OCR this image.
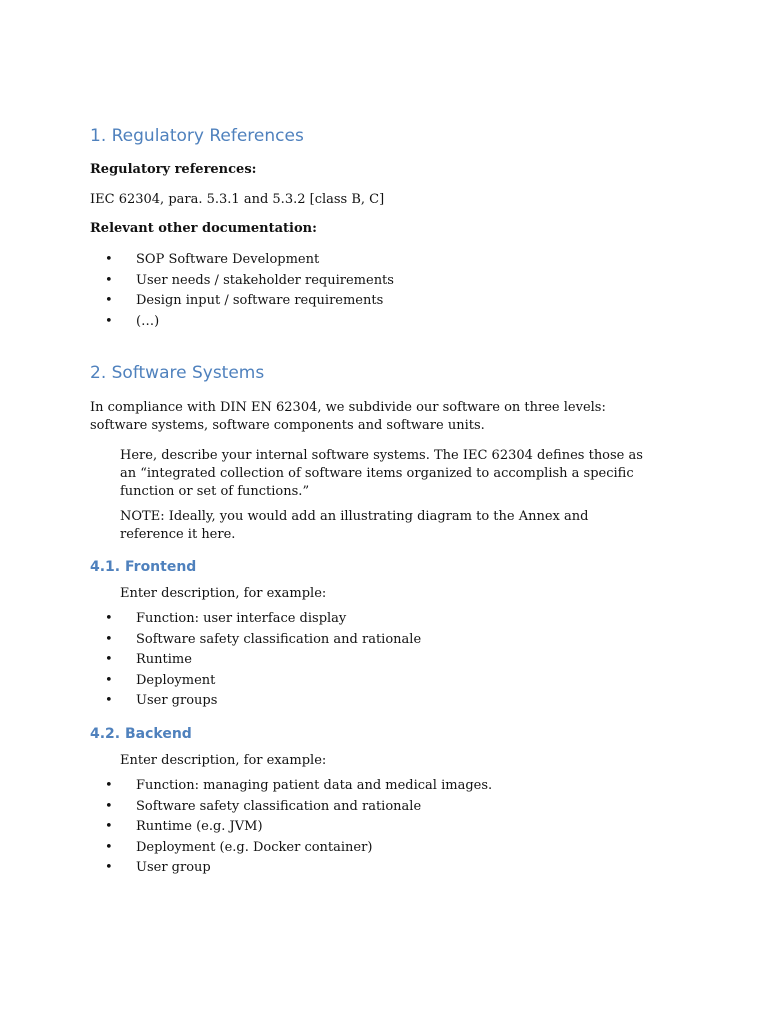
1. Regulatory References
Regulatory references:
IEC 62304, para. 5.3.1 and 5.3.2 [class B, C]
Relevant other documentation:
• SOP Software Development
• User needs / stakeholder requirements
• Design input / software requirements
• (…)
2. Software Systems

In compliance with DIN EN 62304, we subdivide our software on three levels: software systems, software components and software units.

Here, describe your internal software systems. The IEC 62304 defines those as an “integrated collection of software items organized to accomplish a specific function or set of functions.”

NOTE: Ideally, you would add an illustrating diagram to the Annex and reference it here.

4.1. Frontend
Enter description, for example:
• Function: user interface display
• Software safety classification and rationale
• Runtime
• Deployment
• User groups
4.2. Backend
Enter description, for example:
• Function: managing patient data and medical images.
• Software safety classification and rationale
• Runtime (e.g. JVM)
• Deployment (e.g. Docker container)
• User group
